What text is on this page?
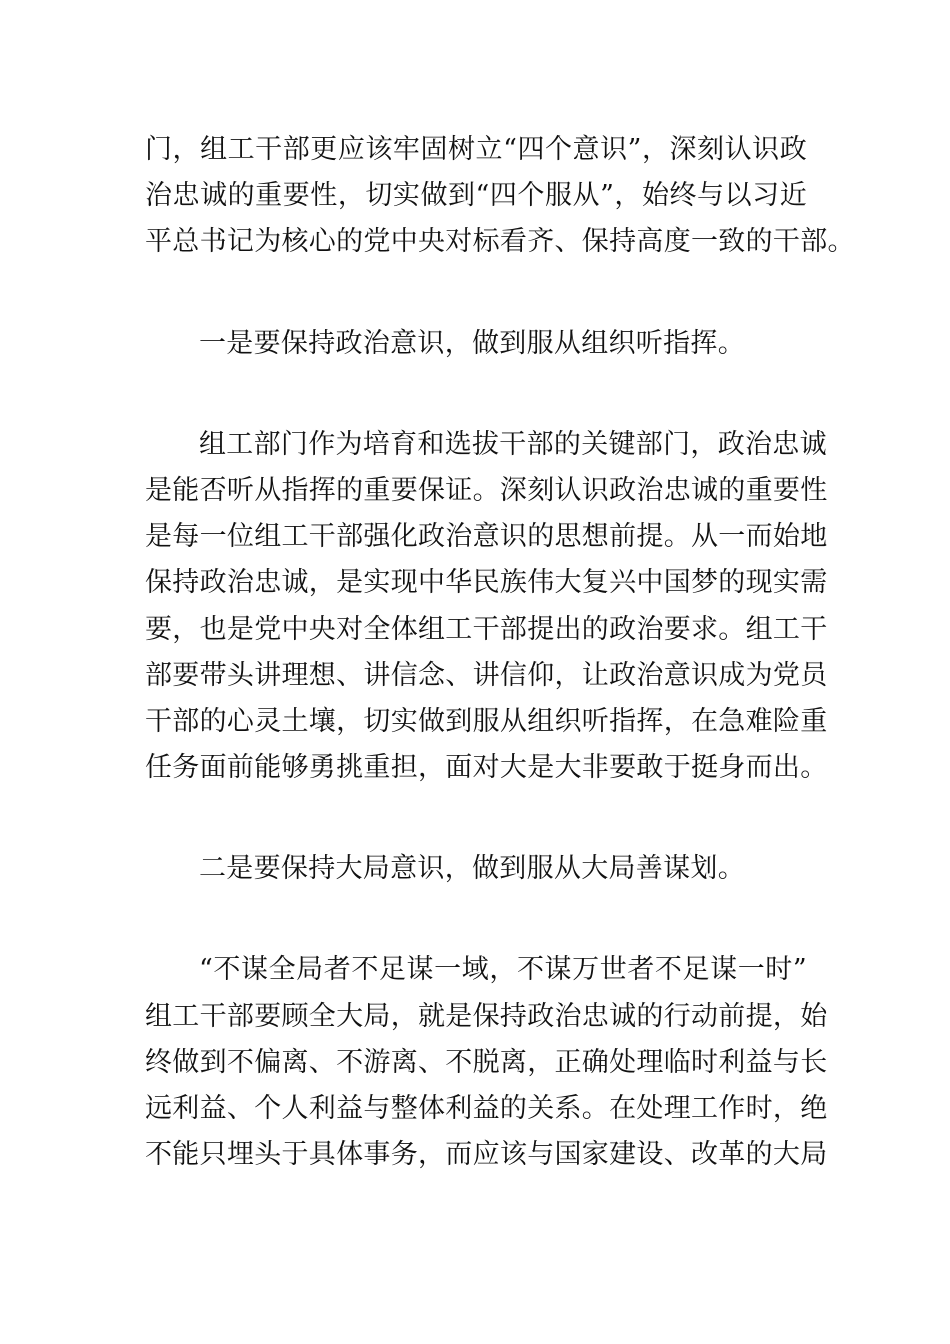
门，组工干部更应该牢固树立“四个意识”，深刻认识政
治忠诚的重要性，切实做到“四个服从”，始终与以习近
平总书记为核心的党中央对标看齐、保持高度一致的干部。
一是要保持政治意识，做到服从组织听指挥。
组工部门作为培育和选拔干部的关键部门，政治忠诚
是能否听从指挥的重要保证。深刻认识政治忠诚的重要性
是每一位组工干部强化政治意识的思想前提。从一而始地
保持政治忠诚，是实现中华民族伟大复兴中国梦的现实需
要，也是党中央对全体组工干部提出的政治要求。组工干
部要带头讲理想、讲信念、讲信仰，让政治意识成为党员
干部的心灵土壤，切实做到服从组织听指挥，在急难险重
任务面前能够勇挑重担，面对大是大非要敢于挺身而出。
二是要保持大局意识，做到服从大局善谋划。
“不谋全局者不足谋一域，不谋万世者不足谋一时”
组工干部要顾全大局，就是保持政治忠诚的行动前提，始
终做到不偏离、不游离、不脱离，正确处理临时利益与长
远利益、个人利益与整体利益的关系。在处理工作时，绝
不能只埋头于具体事务，而应该与国家建设、改革的大局
